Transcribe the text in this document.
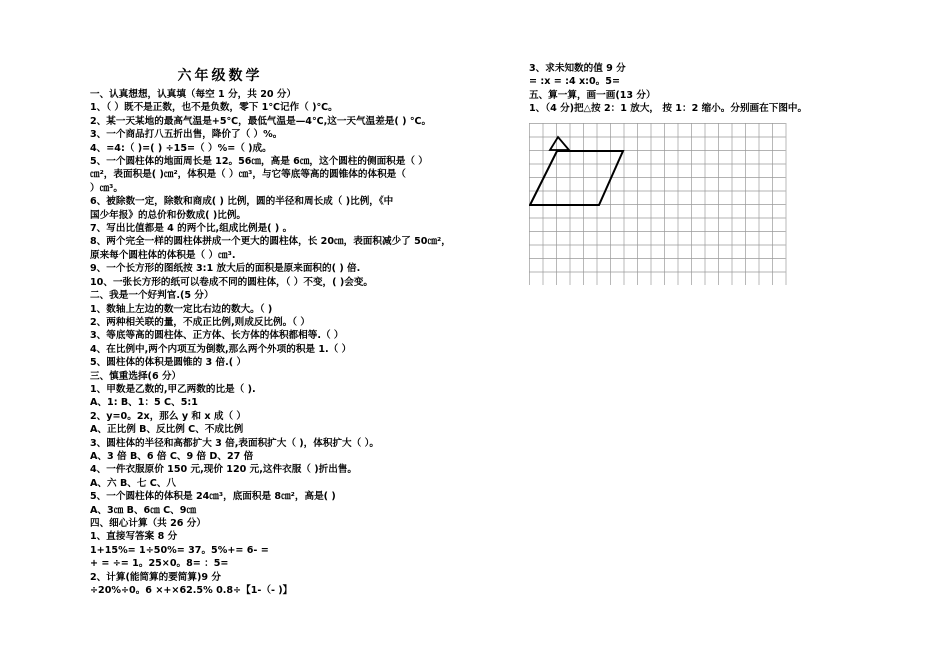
六年级数学
一、认真想想，认真填（每空 1 分，共 20 分）
1、（ ）既不是正数，也不是负数，零下 1℃记作（ )℃。
2、某一天某地的最高气温是+5℃，最低气温是—4℃,这一天气温差是( ) ℃。
3、一个商品打八五折出售，降价了（ ）%。
4、=4:（ )=( ) ÷15=（ ）%=（ )成。
5、一个圆柱体的地面周长是 12。56㎝，高是 6㎝，这个圆柱的侧面积是（ ）
㎝²，表面积是( )㎝²，体积是（ ）㎝³，与它等底等高的圆锥体的体积是（
）㎝³。
6、被除数一定，除数和商成( ) 比例，圆的半径和周长成（ )比例，《中
国少年报》的总价和份数成( )比例。
7、写出比值都是 4 的两个比,组成比例是( ) 。
8、两个完全一样的圆柱体拼成一个更大的圆柱体，长 20㎝，表面积减少了 50㎝²，
原来每个圆柱体的体积是（ ）㎝³.
9、一个长方形的图纸按 3:1 放大后的面积是原来面积的( ) 倍.
10、一张长方形的纸可以卷成不同的圆柱体，（ ）不变，( )会变。
二、我是一个好判官.(5 分）
1、数轴上左边的数一定比右边的数大。（ )
2、两种相关联的量，不成正比例,则成反比例。（ ）
3、等底等高的圆柱体、正方体、长方体的体积都相等.（ ）
4、在比例中,两个内项互为倒数,那么两个外项的积是 1.（ ）
5、圆柱体的体积是圆锥的 3 倍.( ）
三、慎重选择(6 分）
1、甲数是乙数的,甲乙两数的比是（ ).
A、1: B、1：5 C、5:1
2、y=0。2x，那么 y 和 x 成（ ）
A、正比例 B、反比例 C、不成比例
3、圆柱体的半径和高都扩大 3 倍,表面积扩大（ )，体积扩大（ ）。
A、3 倍 B、6 倍 C、9 倍 D、27 倍
4、一件衣服原价 150 元,现价 120 元,这件衣服（ )折出售。
A、六 B、七 C、八
5、一个圆柱体的体积是 24㎝³，底面积是 8㎝²，高是( )
A、3㎝ B、6㎝ C、9㎝
四、细心计算（共 26 分）
1、直接写答案 8 分
1+15%= 1÷50%= 37。5%+= 6- =
+ = ÷= 1。25×0。8= ：5=
2、计算(能简算的要简算)9 分
÷20%÷0。6 ×+×62.5% 0.8÷【1-（- )】
3、求未知数的值 9 分
= :x = :4 x:0。5=
五、算一算，画一画(13 分）
1、（4 分)把△按 2：1 放大， 按 1：2 缩小。分别画在下图中。
